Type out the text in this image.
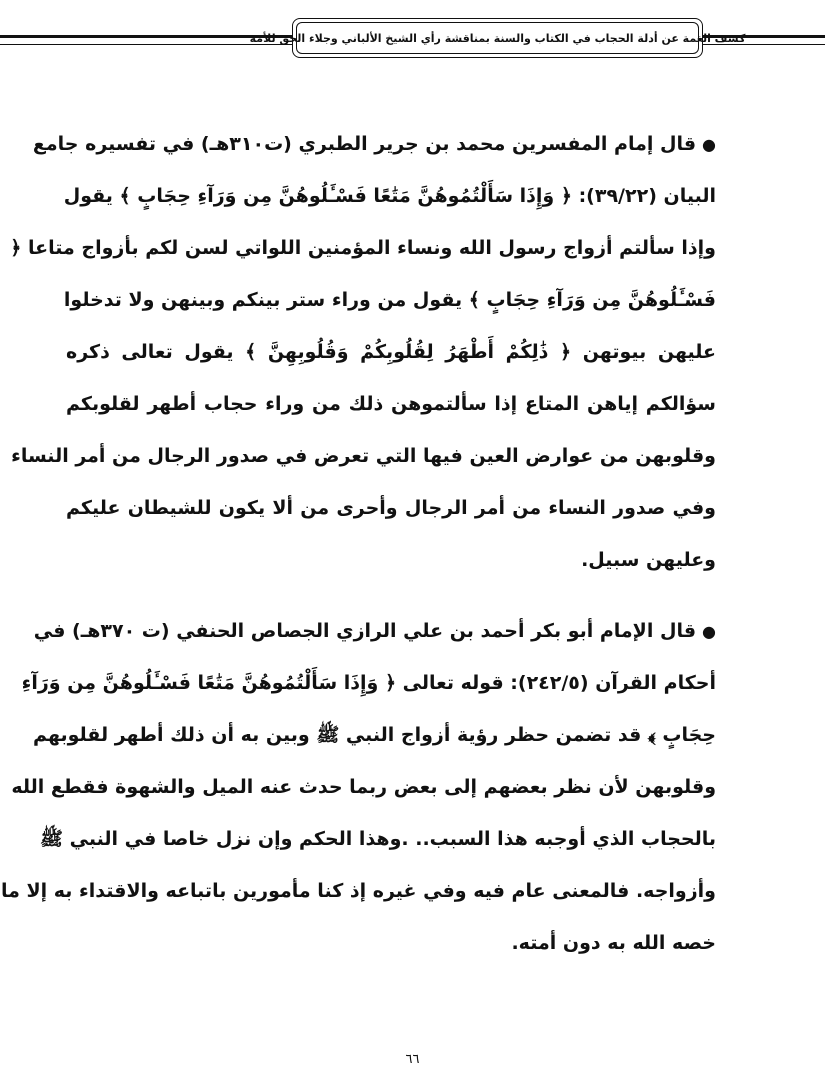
كشف الغمة عن أدلة الحجاب في الكتاب والسنة بمناقشة رأي الشيخ الألباني وجلاء الحق للأمة
●قال إمام المفسرين محمد بن جرير الطبري (ت٣١٠هـ) في تفسيره جامع
البيان (٣٩/٢٢): ﴿ وَإِذَا سَأَلْتُمُوهُنَّ مَتَٰعًا فَسْـَٔلُوهُنَّ مِن وَرَآءِ حِجَابٍ ﴾ يقول
وإذا سألتم أزواج رسول الله ونساء المؤمنين اللواتي لسن لكم بأزواج متاعا ﴿
فَسْـَٔلُوهُنَّ مِن وَرَآءِ حِجَابٍ ﴾ يقول من وراء ستر بينكم وبينهن ولا تدخلوا
عليهن بيوتهن ﴿ ذَٰلِكُمْ أَطْهَرُ لِقُلُوبِكُمْ وَقُلُوبِهِنَّ ﴾ يقول تعالى ذكره
سؤالكم إياهن المتاع إذا سألتموهن ذلك من وراء حجاب أطهر لقلوبكم
وقلوبهن من عوارض العين فيها التي تعرض في صدور الرجال من أمر النساء
وفي صدور النساء من أمر الرجال وأحرى من ألا يكون للشيطان عليكم
وعليهن سبيل.
●قال الإمام أبو بكر أحمد بن علي الرازي الجصاص الحنفي (ت ٣٧٠هـ) في
أحكام القرآن (٢٤٢/٥): قوله تعالى ﴿ وَإِذَا سَأَلْتُمُوهُنَّ مَتَٰعًا فَسْـَٔلُوهُنَّ مِن وَرَآءِ
حِجَابٍ ﴾ قد تضمن حظر رؤية أزواج النبي ﷺ وبين به أن ذلك أطهر لقلوبهم
وقلوبهن لأن نظر بعضهم إلى بعض ربما حدث عنه الميل والشهوة فقطع الله
بالحجاب الذي أوجبه هذا السبب.. .وهذا الحكم وإن نزل خاصا في النبي ﷺ
وأزواجه. فالمعنى عام فيه وفي غيره إذ كنا مأمورين باتباعه والاقتداء به إلا ما
خصه الله به دون أمته.
٦٦
